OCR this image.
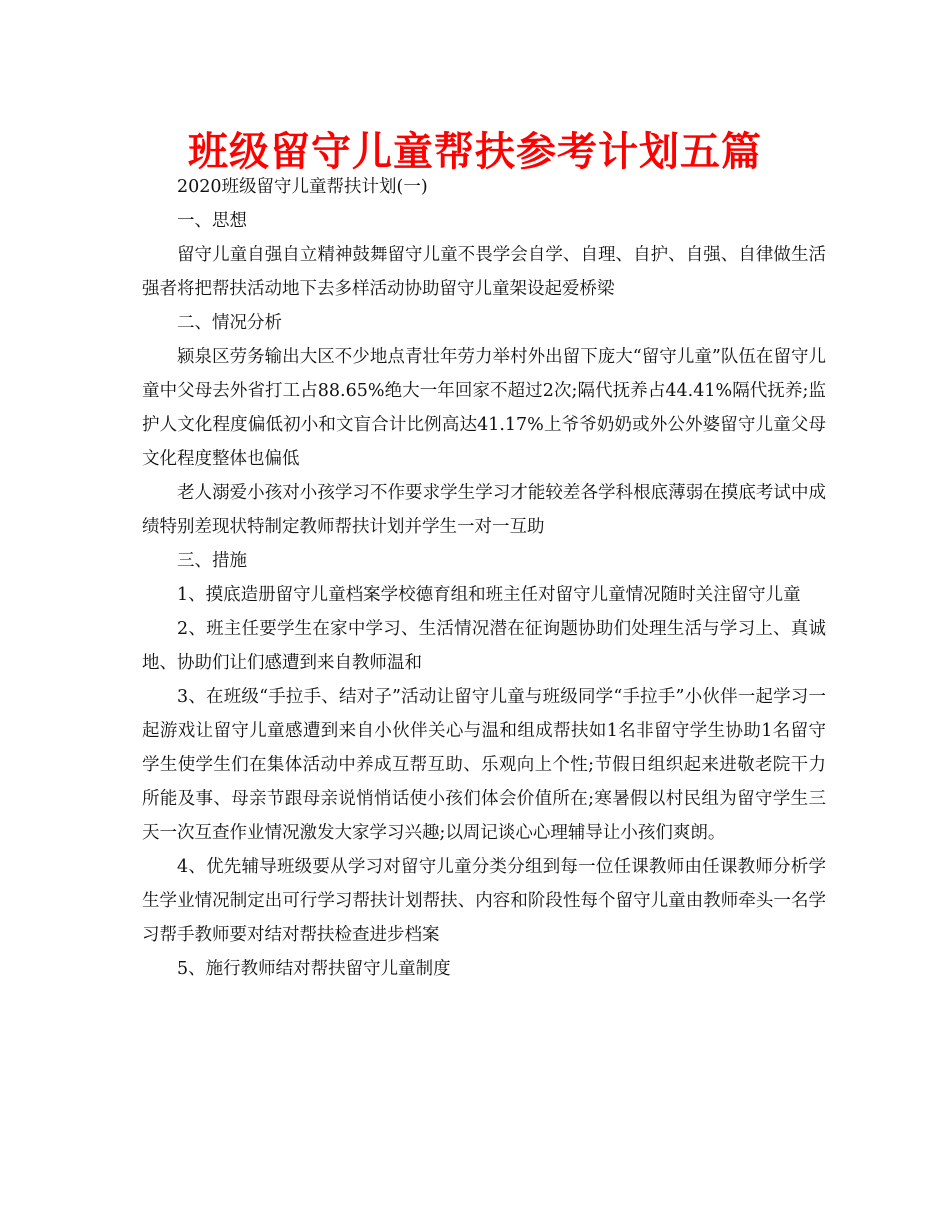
班级留守儿童帮扶参考计划五篇

2020班级留守儿童帮扶计划(一)

一、思想

留守儿童自强自立精神鼓舞留守儿童不畏学会自学、自理、自护、自强、自律做生活强者将把帮扶活动地下去多样活动协助留守儿童架设起爱桥梁

二、情况分析

颍泉区劳务输出大区不少地点青壮年劳力举村外出留下庞大“留守儿童”队伍在留守儿童中父母去外省打工占88.65%绝大一年回家不超过2次;隔代抚养占44.41%隔代抚养;监护人文化程度偏低初小和文盲合计比例高达41.17%上爷爷奶奶或外公外婆留守儿童父母文化程度整体也偏低

老人溺爱小孩对小孩学习不作要求学生学习才能较差各学科根底薄弱在摸底考试中成绩特别差现状特制定教师帮扶计划并学生一对一互助

三、措施

1、摸底造册留守儿童档案学校德育组和班主任对留守儿童情况随时关注留守儿童

2、班主任要学生在家中学习、生活情况潜在征询题协助们处理生活与学习上、真诚地、协助们让们感遭到来自教师温和

3、在班级“手拉手、结对子”活动让留守儿童与班级同学“手拉手”小伙伴一起学习一起游戏让留守儿童感遭到来自小伙伴关心与温和组成帮扶如1名非留守学生协助1名留守学生使学生们在集体活动中养成互帮互助、乐观向上个性;节假日组织起来进敬老院干力所能及事、母亲节跟母亲说悄悄话使小孩们体会价值所在;寒暑假以村民组为留守学生三天一次互查作业情况激发大家学习兴趣;以周记谈心心理辅导让小孩们爽朗。

4、优先辅导班级要从学习对留守儿童分类分组到每一位任课教师由任课教师分析学生学业情况制定出可行学习帮扶计划帮扶、内容和阶段性每个留守儿童由教师牵头一名学习帮手教师要对结对帮扶检查进步档案

5、施行教师结对帮扶留守儿童制度
